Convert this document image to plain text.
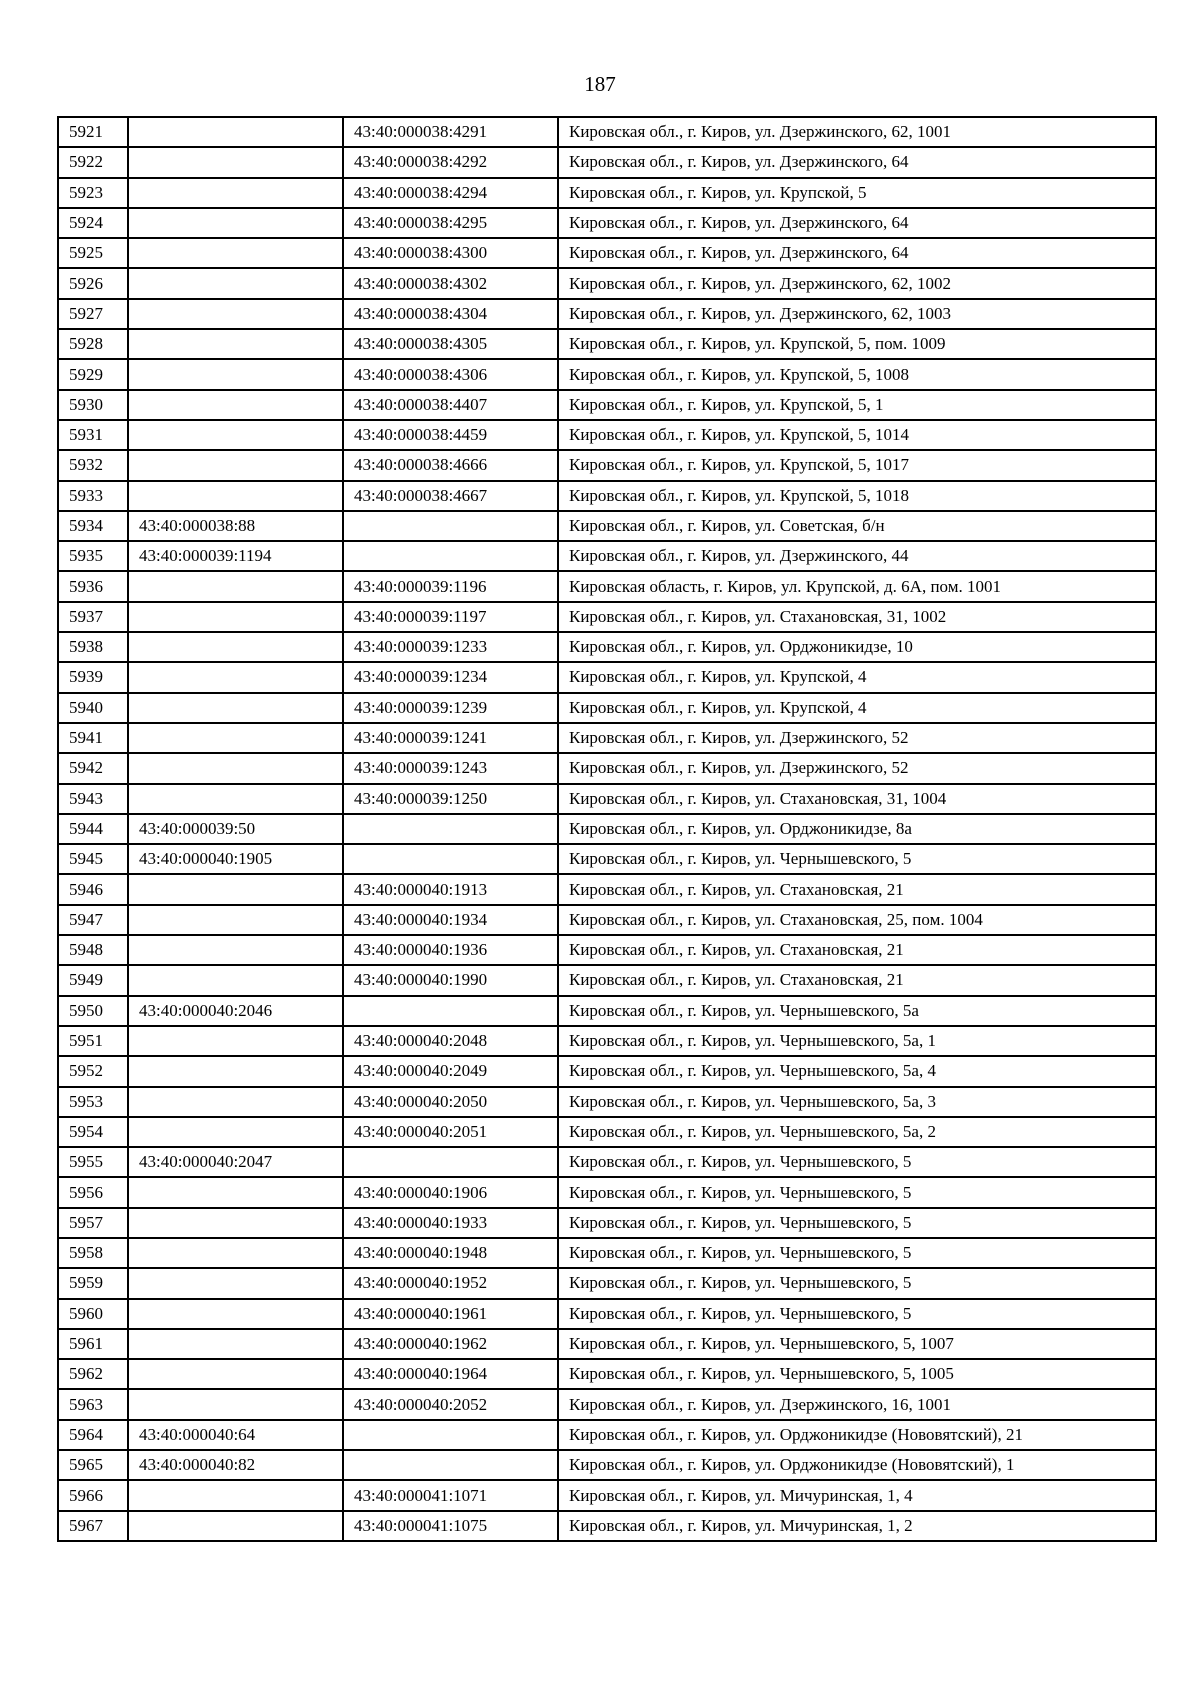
187
5921		43:40:000038:4291	Кировская обл., г. Киров, ул. Дзержинского, 62, 1001
5922		43:40:000038:4292	Кировская обл., г. Киров, ул. Дзержинского, 64
5923		43:40:000038:4294	Кировская обл., г. Киров, ул. Крупской, 5
5924		43:40:000038:4295	Кировская обл., г. Киров, ул. Дзержинского, 64
5925		43:40:000038:4300	Кировская обл., г. Киров, ул. Дзержинского, 64
5926		43:40:000038:4302	Кировская обл., г. Киров, ул. Дзержинского, 62, 1002
5927		43:40:000038:4304	Кировская обл., г. Киров, ул. Дзержинского, 62, 1003
5928		43:40:000038:4305	Кировская обл., г. Киров, ул. Крупской, 5, пом. 1009
5929		43:40:000038:4306	Кировская обл., г. Киров, ул. Крупской, 5, 1008
5930		43:40:000038:4407	Кировская обл., г. Киров, ул. Крупской, 5, 1
5931		43:40:000038:4459	Кировская обл., г. Киров, ул. Крупской, 5, 1014
5932		43:40:000038:4666	Кировская обл., г. Киров, ул. Крупской, 5, 1017
5933		43:40:000038:4667	Кировская обл., г. Киров, ул. Крупской, 5, 1018
5934	43:40:000038:88		Кировская обл., г. Киров, ул. Советская, б/н
5935	43:40:000039:1194		Кировская обл., г. Киров, ул. Дзержинского, 44
5936		43:40:000039:1196	Кировская область, г. Киров, ул. Крупской, д. 6А, пом. 1001
5937		43:40:000039:1197	Кировская обл., г. Киров, ул. Стахановская, 31, 1002
5938		43:40:000039:1233	Кировская обл., г. Киров, ул. Орджоникидзе, 10
5939		43:40:000039:1234	Кировская обл., г. Киров, ул. Крупской, 4
5940		43:40:000039:1239	Кировская обл., г. Киров, ул. Крупской, 4
5941		43:40:000039:1241	Кировская обл., г. Киров, ул. Дзержинского, 52
5942		43:40:000039:1243	Кировская обл., г. Киров, ул. Дзержинского, 52
5943		43:40:000039:1250	Кировская обл., г. Киров, ул. Стахановская, 31, 1004
5944	43:40:000039:50		Кировская обл., г. Киров, ул. Орджоникидзе, 8а
5945	43:40:000040:1905		Кировская обл., г. Киров, ул. Чернышевского, 5
5946		43:40:000040:1913	Кировская обл., г. Киров, ул. Стахановская, 21
5947		43:40:000040:1934	Кировская обл., г. Киров, ул. Стахановская, 25, пом. 1004
5948		43:40:000040:1936	Кировская обл., г. Киров, ул. Стахановская, 21
5949		43:40:000040:1990	Кировская обл., г. Киров, ул. Стахановская, 21
5950	43:40:000040:2046		Кировская обл., г. Киров, ул. Чернышевского, 5а
5951		43:40:000040:2048	Кировская обл., г. Киров, ул. Чернышевского, 5а, 1
5952		43:40:000040:2049	Кировская обл., г. Киров, ул. Чернышевского, 5а, 4
5953		43:40:000040:2050	Кировская обл., г. Киров, ул. Чернышевского, 5а, 3
5954		43:40:000040:2051	Кировская обл., г. Киров, ул. Чернышевского, 5а, 2
5955	43:40:000040:2047		Кировская обл., г. Киров, ул. Чернышевского, 5
5956		43:40:000040:1906	Кировская обл., г. Киров, ул. Чернышевского, 5
5957		43:40:000040:1933	Кировская обл., г. Киров, ул. Чернышевского, 5
5958		43:40:000040:1948	Кировская обл., г. Киров, ул. Чернышевского, 5
5959		43:40:000040:1952	Кировская обл., г. Киров, ул. Чернышевского, 5
5960		43:40:000040:1961	Кировская обл., г. Киров, ул. Чернышевского, 5
5961		43:40:000040:1962	Кировская обл., г. Киров, ул. Чернышевского, 5, 1007
5962		43:40:000040:1964	Кировская обл., г. Киров, ул. Чернышевского, 5, 1005
5963		43:40:000040:2052	Кировская обл., г. Киров, ул. Дзержинского, 16, 1001
5964	43:40:000040:64		Кировская обл., г. Киров, ул. Орджоникидзе (Нововятский), 21
5965	43:40:000040:82		Кировская обл., г. Киров, ул. Орджоникидзе (Нововятский), 1
5966		43:40:000041:1071	Кировская обл., г. Киров, ул. Мичуринская, 1, 4
5967		43:40:000041:1075	Кировская обл., г. Киров, ул. Мичуринская, 1, 2
